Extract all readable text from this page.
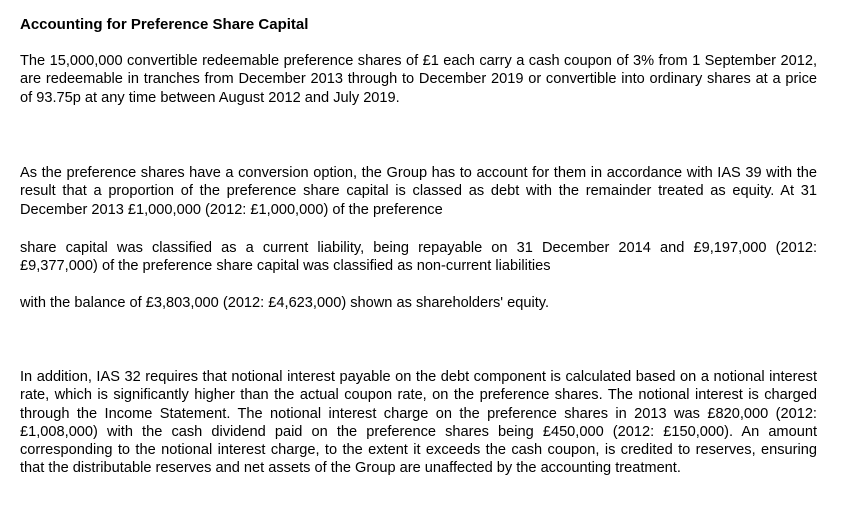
Accounting for Preference Share Capital

The 15,000,000 convertible redeemable preference shares of £1 each carry a cash coupon of 3% from 1 September 2012, are redeemable in tranches from December 2013 through to December 2019 or convertible into ordinary shares at a price of 93.75p at any time between August 2012 and July 2019.

As the preference shares have a conversion option, the Group has to account for them in accordance with IAS 39 with the result that a proportion of the preference share capital is classed as debt with the remainder treated as equity. At 31 December 2013 £1,000,000 (2012: £1,000,000) of the preference

share capital was classified as a current liability, being repayable on 31 December 2014 and £9,197,000 (2012: £9,377,000) of the preference share capital was classified as non-current liabilities

with the balance of £3,803,000 (2012: £4,623,000) shown as shareholders' equity.

In addition, IAS 32 requires that notional interest payable on the debt component is calculated based on a notional interest rate, which is significantly higher than the actual coupon rate, on the preference shares. The notional interest is charged through the Income Statement. The notional interest charge on the preference shares in 2013 was £820,000 (2012: £1,008,000) with the cash dividend paid on the preference shares being £450,000 (2012: £150,000). An amount corresponding to the notional interest charge, to the extent it exceeds the cash coupon, is credited to reserves, ensuring that the distributable reserves and net assets of the Group are unaffected by the accounting treatment.
